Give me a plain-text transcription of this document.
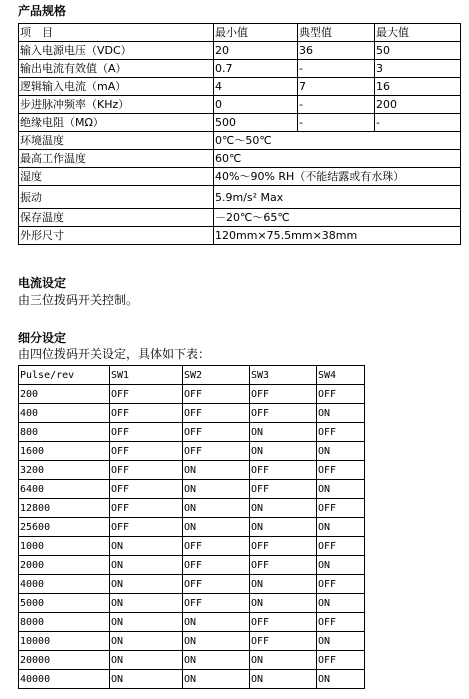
产品规格
项　目	最小值	典型值	最大值
输入电源电压（VDC）	20	36	50
输出电流有效值（A）	0.7	-	3
逻辑输入电流（mA）	4	7	16
步进脉冲频率（KHz）	0	-	200
绝缘电阻（MΩ）	500	-	-
环境温度	0℃～50℃		
最高工作温度	60℃		
湿度	40%～90% RH（不能结露或有水珠）		
振动	5.9m/s² Max		
保存温度	－20℃～65℃		
外形尺寸	120mm×75.5mm×38mm		
电流设定
由三位拨码开关控制。
细分设定
由四位拨码开关设定，具体如下表：
Pulse/rev	SW1	SW2	SW3	SW4
200	OFF	OFF	OFF	OFF
400	OFF	OFF	OFF	ON
800	OFF	OFF	ON	OFF
1600	OFF	OFF	ON	ON
3200	OFF	ON	OFF	OFF
6400	OFF	ON	OFF	ON
12800	OFF	ON	ON	OFF
25600	OFF	ON	ON	ON
1000	ON	OFF	OFF	OFF
2000	ON	OFF	OFF	ON
4000	ON	OFF	ON	OFF
5000	ON	OFF	ON	ON
8000	ON	ON	OFF	OFF
10000	ON	ON	OFF	ON
20000	ON	ON	ON	OFF
40000	ON	ON	ON	ON
